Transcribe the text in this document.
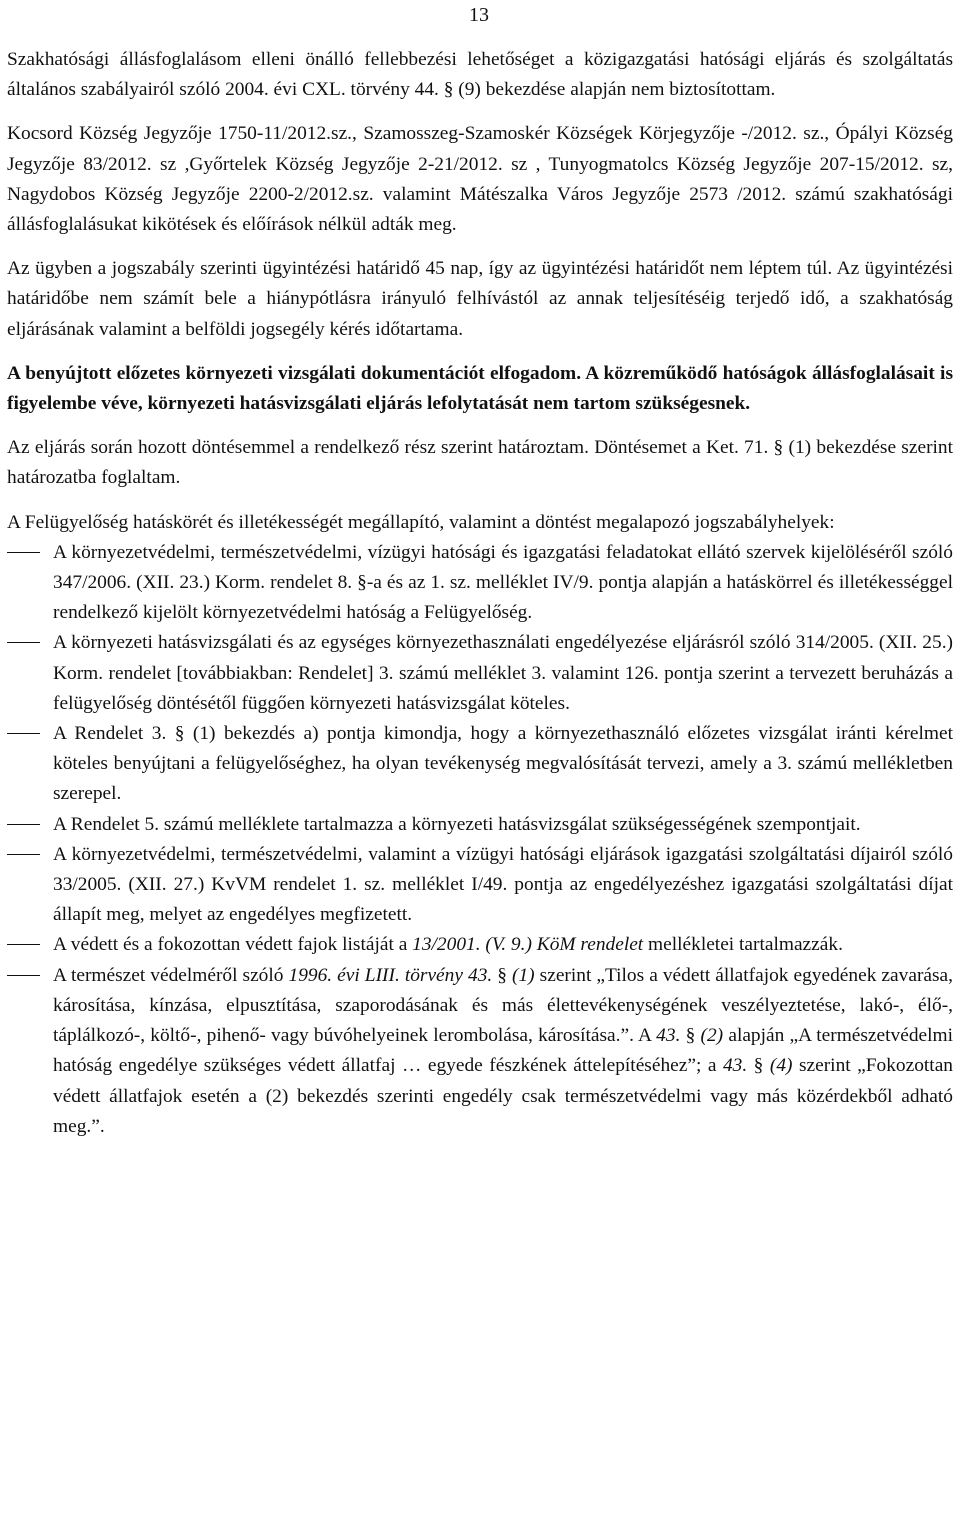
13

Szakhatósági állásfoglalásom elleni önálló fellebbezési lehetőséget a közigazgatási hatósági eljárás és szolgáltatás általános szabályairól szóló 2004. évi CXL. törvény 44. § (9) bekezdése alapján nem biztosítottam.

Kocsord Község Jegyzője 1750-11/2012.sz., Szamosszeg-Szamoskér Községek Körjegyzője -/2012. sz., Ópályi Község Jegyzője 83/2012. sz ,Győrtelek Község Jegyzője 2-21/2012. sz , Tunyogmatolcs Község Jegyzője 207-15/2012. sz, Nagydobos Község Jegyzője 2200-2/2012.sz. valamint Mátészalka Város Jegyzője 2573 /2012. számú szakhatósági állásfoglalásukat kikötések és előírások nélkül adták meg.

Az ügyben a jogszabály szerinti ügyintézési határidő 45 nap, így az ügyintézési határidőt nem léptem túl. Az ügyintézési határidőbe nem számít bele a hiánypótlásra irányuló felhívástól az annak teljesítéséig terjedő idő, a szakhatóság eljárásának valamint a belföldi jogsegély kérés időtartama.

A benyújtott előzetes környezeti vizsgálati dokumentációt elfogadom. A közreműködő hatóságok állásfoglalásait is figyelembe véve, környezeti hatásvizsgálati eljárás lefolytatását nem tartom szükségesnek.

Az eljárás során hozott döntésemmel a rendelkező rész szerint határoztam. Döntésemet a Ket. 71. § (1) bekezdése szerint határozatba foglaltam.

A Felügyelőség hatáskörét és illetékességét megállapító, valamint a döntést megalapozó jogszabályhelyek:

A környezetvédelmi, természetvédelmi, vízügyi hatósági és igazgatási feladatokat ellátó szervek kijelöléséről szóló 347/2006. (XII. 23.) Korm. rendelet 8. §-a és az 1. sz. melléklet IV/9. pontja alapján a hatáskörrel és illetékességgel rendelkező kijelölt környezetvédelmi hatóság a Felügyelőség.
A környezeti hatásvizsgálati és az egységes környezethasználati engedélyezése eljárásról szóló 314/2005. (XII. 25.) Korm. rendelet [továbbiakban: Rendelet] 3. számú melléklet 3. valamint 126. pontja szerint a tervezett beruházás a felügyelőség döntésétől függően környezeti hatásvizsgálat köteles.
A Rendelet 3. § (1) bekezdés a) pontja kimondja, hogy a környezethasználó előzetes vizsgálat iránti kérelmet köteles benyújtani a felügyelőséghez, ha olyan tevékenység megvalósítását tervezi, amely a 3. számú mellékletben szerepel.
A Rendelet 5. számú melléklete tartalmazza a környezeti hatásvizsgálat szükségességének szempontjait.
A környezetvédelmi, természetvédelmi, valamint a vízügyi hatósági eljárások igazgatási szolgáltatási díjairól szóló 33/2005. (XII. 27.) KvVM rendelet 1. sz. melléklet I/49. pontja az engedélyezéshez igazgatási szolgáltatási díjat állapít meg, melyet az engedélyes megfizetett.
A védett és a fokozottan védett fajok listáját a 13/2001. (V. 9.) KöM rendelet mellékletei tartalmazzák.
A természet védelméről szóló 1996. évi LIII. törvény 43. § (1) szerint „Tilos a védett állatfajok egyedének zavarása, károsítása, kínzása, elpusztítása, szaporodásának és más élettevékenységének veszélyeztetése, lakó-, élő-, táplálkozó-, költő-, pihenő- vagy búvóhelyeinek lerombolása, károsítása.”. A 43. § (2) alapján „A természetvédelmi hatóság engedélye szükséges védett állatfaj … egyede fészkének áttelepítéséhez”; a 43. § (4) szerint „Fokozottan védett állatfajok esetén a (2) bekezdés szerinti engedély csak természetvédelmi vagy más közérdekből adható meg.”.
